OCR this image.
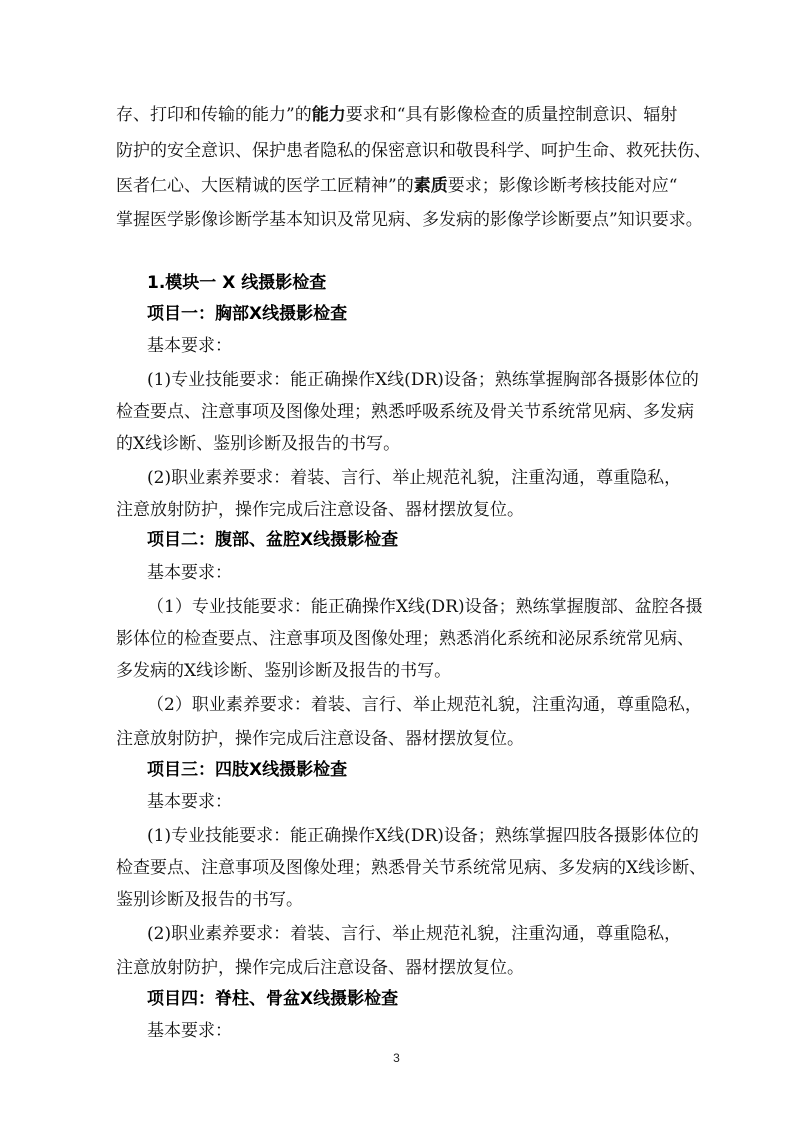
存、打印和传输的能力”的能力要求和“具有影像检查的质量控制意识、辐射
防护的安全意识、保护患者隐私的保密意识和敬畏科学、呵护生命、救死扶伤、
医者仁心、大医精诚的医学工匠精神”的素质要求；影像诊断考核技能对应“
掌握医学影像诊断学基本知识及常见病、多发病的影像学诊断要点”知识要求。
1.模块一 X 线摄影检查
项目一：胸部X线摄影检查
基本要求：
(1)专业技能要求：能正确操作X线(DR)设备；熟练掌握胸部各摄影体位的
检查要点、注意事项及图像处理；熟悉呼吸系统及骨关节系统常见病、多发病
的X线诊断、鉴别诊断及报告的书写。
(2)职业素养要求：着装、言行、举止规范礼貌，注重沟通，尊重隐私，
注意放射防护，操作完成后注意设备、器材摆放复位。
项目二：腹部、盆腔X线摄影检查
基本要求：
（1）专业技能要求：能正确操作X线(DR)设备；熟练掌握腹部、盆腔各摄
影体位的检查要点、注意事项及图像处理；熟悉消化系统和泌尿系统常见病、
多发病的X线诊断、鉴别诊断及报告的书写。
（2）职业素养要求：着装、言行、举止规范礼貌，注重沟通，尊重隐私，
注意放射防护，操作完成后注意设备、器材摆放复位。
项目三：四肢X线摄影检查
基本要求：
(1)专业技能要求：能正确操作X线(DR)设备；熟练掌握四肢各摄影体位的
检查要点、注意事项及图像处理；熟悉骨关节系统常见病、多发病的X线诊断、
鉴别诊断及报告的书写。
(2)职业素养要求：着装、言行、举止规范礼貌，注重沟通，尊重隐私，
注意放射防护，操作完成后注意设备、器材摆放复位。
项目四：脊柱、骨盆X线摄影检查
基本要求：
3
